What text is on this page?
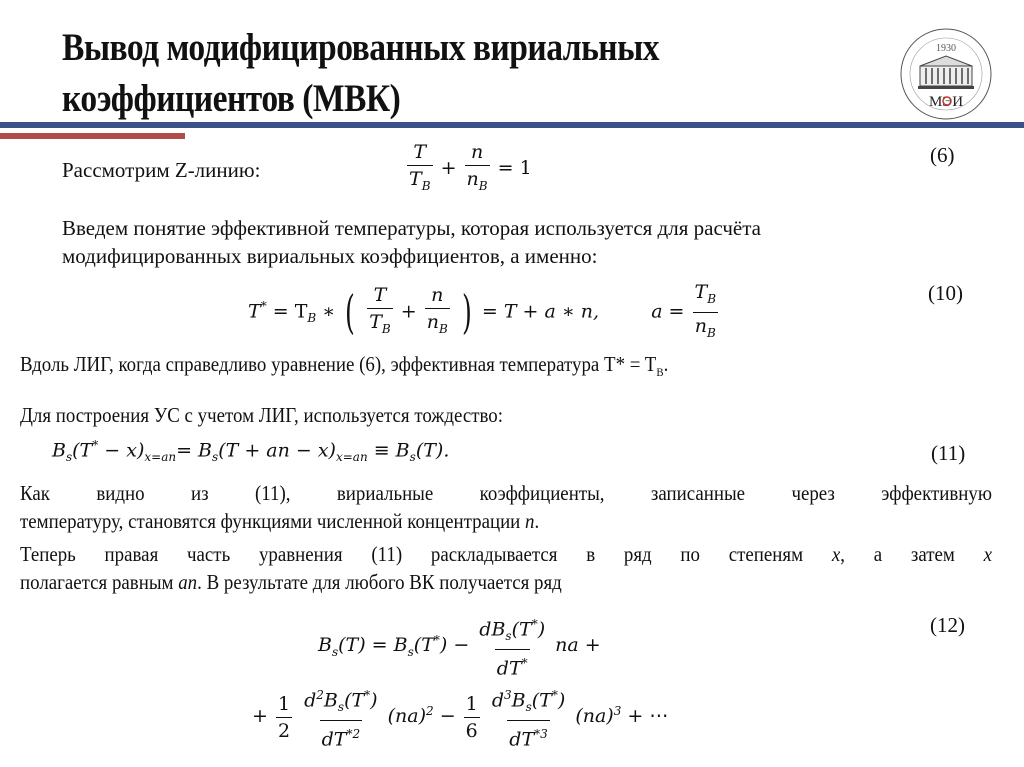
Вывод модифицированных вириальных
коэффициентов (МВК)
1930
МЭИ
Рассмотрим Z-линию:	$\frac{T}{T_B} + \frac{n}{n_B} = 1$
(6)
Введем понятие эффективной температуры, которая используется для расчёта
модифицированных вириальных коэффициентов, а именно:
$T^* = T_B$ ∗ ( $\frac{T}{T_B} + \frac{n}{n_B}$ ) = T + a ∗ n,	$a = \frac{T_B}{n_B}$	(10)
Вдоль ЛИГ, когда справедливо уравнение (6), эффективная температура $T* = T_B$.
Для построения УС с учетом ЛИГ, используется тождество:
$B_s(T^* - x)_{x=an}= B_s(T$ + an − $x)_{x=an} \equiv B_s(T)$.	(11)
Как видно из (11), вириальные коэффициенты, записанные через эффективную
температуру, становятся функциями численной концентрации n.
Теперь правая часть уравнения (11) раскладывается в ряд по степеням x, а затем x
полагается равным an. В результате для любого ВК получается ряд
$B_s(T) = B_s(T^*) - \frac{dB_s(T^*)}{dT^*}$ na +
(12)
+ $\frac{1}{2}$
$\frac{d^2B_s(T^*)}{dT^{*2}} (na)^2 - \frac{1}{6}$
$\frac{d^3B_s(T^*)}{dT^{*3}} (na)^3$ + ⋯
